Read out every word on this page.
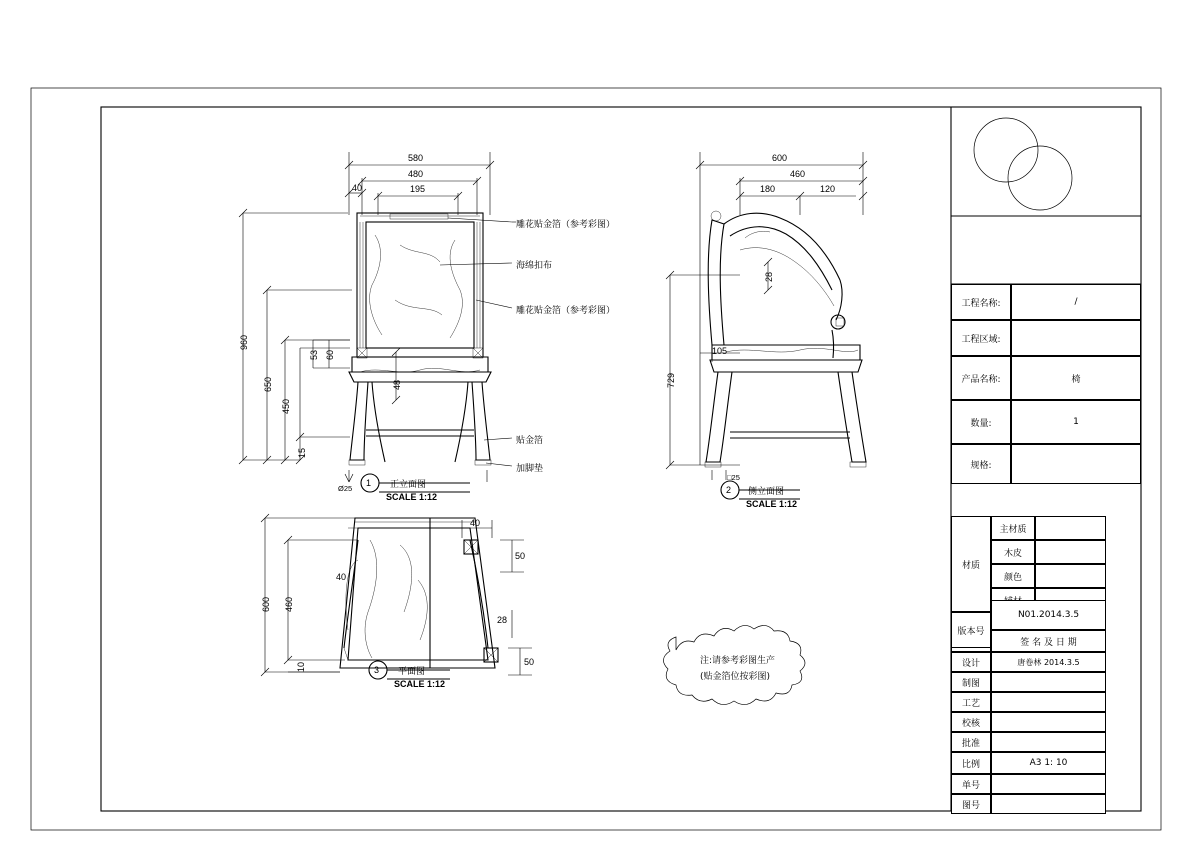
580
480
195
40
960
650
450
15
53 60
48
雕花贴金箔（参考彩图）
海绵扣布
雕花贴金箔（参考彩图）
贴金箔
加脚垫
Ø25
1 正立面图
SCALE 1:12
600
460
180	120
729
28
105
□25
2 侧立面图
SCALE 1:12
600 460
10
40
50
28
50
40
3 平面图
SCALE 1:12
注:请参考彩图生产
(贴金箔位按彩图)
工程名称:	/
工程区域:
产品名称:	椅
数量:	1
规格:
材质
主材质
木皮
颜色
版本号
N01.2014.3.5
签 名 及 日 期
设计	唐卷林 2014.3.5
制图
工艺
校核
批准
比例	A3 1: 10
单号
图号
